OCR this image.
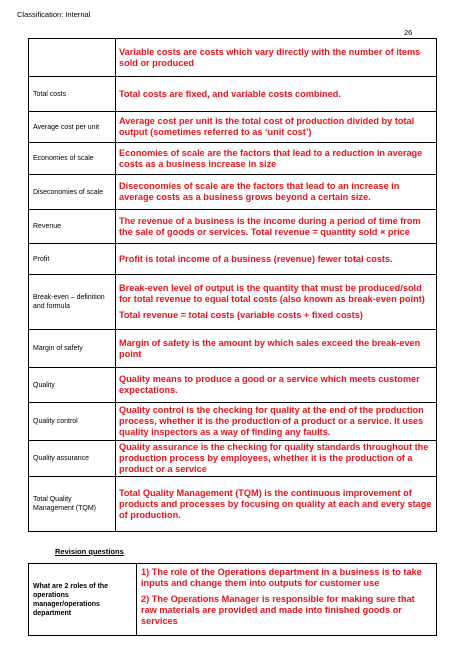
Classification: Internal
26
	Variable costs are costs which vary directly with the number of items sold or produced
Total costs	Total costs are fixed, and variable costs combined.
Average cost per unit	Average cost per unit is the total cost of production divided by total output (sometimes referred to as ‘unit cost’)
Economies of scale	Economies of scale are the factors that lead to a reduction in average costs as a business increase in size
Diseconomies of scale	Diseconomies of scale are the factors that lead to an increase in average costs as a business grows beyond a certain size.
Revenue	The revenue of a business is the income during a period of time from the sale of goods or services. Total revenue = quantity sold × price
Profit	Profit is total income of a business (revenue) fewer total costs.
Break-even – definition and formula	Break-even level of output is the quantity that must be produced/sold for total revenue to equal total costs (also known as break-even point)
Total revenue = total costs (variable costs + fixed costs)
Margin of safety	Margin of safety is the amount by which sales exceed the break-even point
Quality	Quality means to produce a good or a service which meets customer expectations.
Quality control	Quality control is the checking for quality at the end of the production process, whether it is the production of a product or a service. It uses quality inspectors as a way of finding any faults.
Quality assurance	Quality assurance is the checking for quality standards throughout the production process by employees, whether it is the production of a product or a service
Total Quality Management (TQM)	Total Quality Management (TQM) is the continuous improvement of products and processes by focusing on quality at each and every stage of production.
Revision questions
What are 2 roles of the operations manager/operations department	1) The role of the Operations department in a business is to take inputs and change them into outputs for customer use
2) The Operations Manager is responsible for making sure that raw materials are provided and made into finished goods or services
